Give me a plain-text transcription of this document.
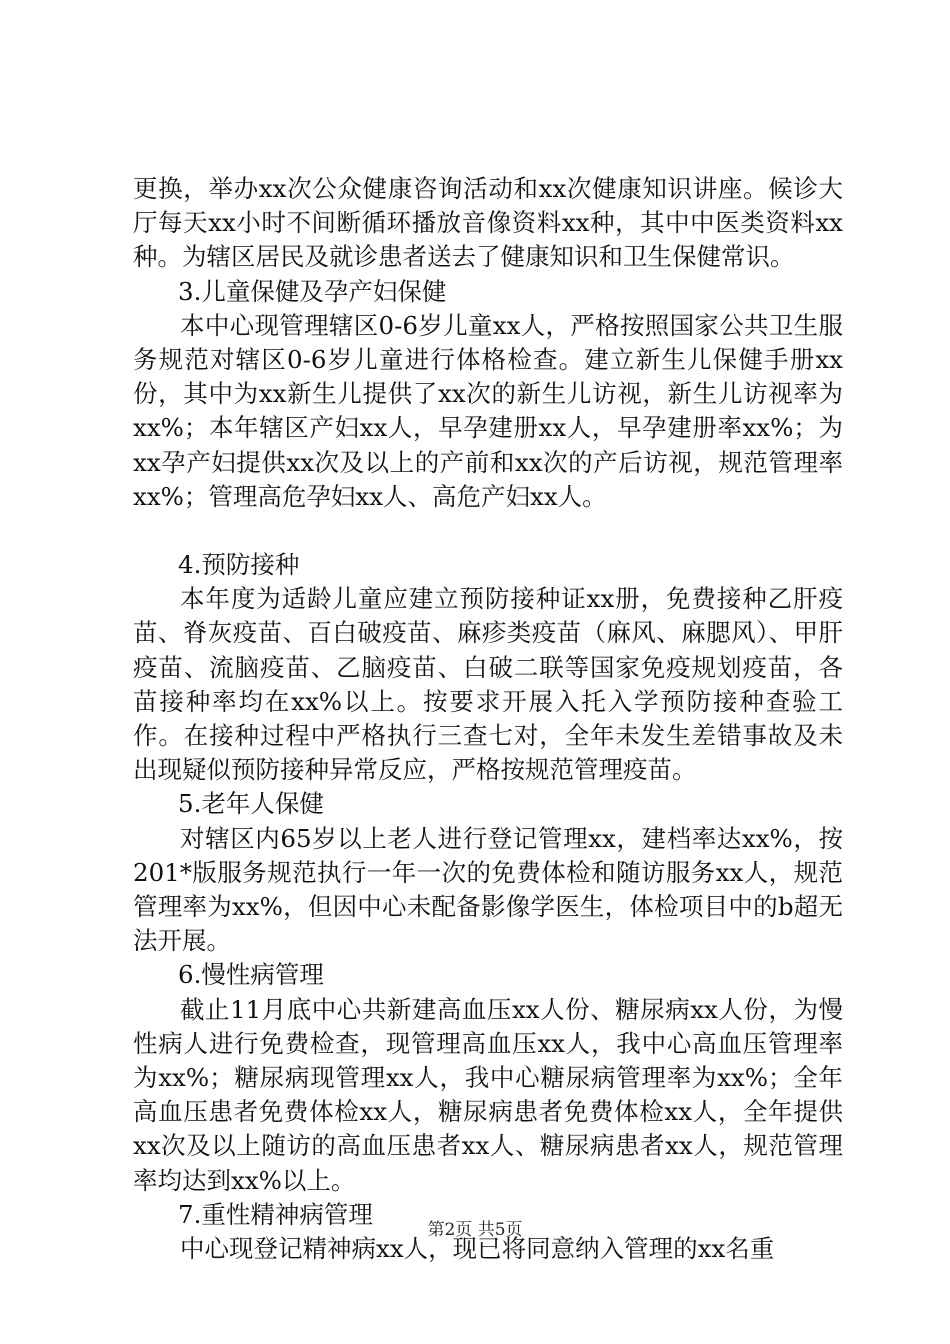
更换，举办xx次公众健康咨询活动和xx次健康知识讲座。候诊大厅每天xx小时不间断循环播放音像资料xx种，其中中医类资料xx种。为辖区居民及就诊患者送去了健康知识和卫生保健常识。

3.儿童保健及孕产妇保健

本中心现管理辖区0-6岁儿童xx人，严格按照国家公共卫生服务规范对辖区0-6岁儿童进行体格检查。建立新生儿保健手册xx份，其中为xx新生儿提供了xx次的新生儿访视，新生儿访视率为xx%；本年辖区产妇xx人，早孕建册xx人，早孕建册率xx%；为xx孕产妇提供xx次及以上的产前和xx次的产后访视，规范管理率xx%；管理高危孕妇xx人、高危产妇xx人。

4.预防接种

本年度为适龄儿童应建立预防接种证xx册，免费接种乙肝疫苗、脊灰疫苗、百白破疫苗、麻疹类疫苗（麻风、麻腮风）、甲肝疫苗、流脑疫苗、乙脑疫苗、白破二联等国家免疫规划疫苗，各苗接种率均在xx%以上。按要求开展入托入学预防接种查验工作。在接种过程中严格执行三查七对，全年未发生差错事故及未出现疑似预防接种异常反应，严格按规范管理疫苗。

5.老年人保健

对辖区内65岁以上老人进行登记管理xx，建档率达xx%，按201*版服务规范执行一年一次的免费体检和随访服务xx人，规范管理率为xx%，但因中心未配备影像学医生，体检项目中的b超无法开展。

6.慢性病管理

截止11月底中心共新建高血压xx人份、糖尿病xx人份，为慢性病人进行免费检查，现管理高血压xx人，我中心高血压管理率为xx%；糖尿病现管理xx人，我中心糖尿病管理率为xx%；全年高血压患者免费体检xx人，糖尿病患者免费体检xx人，全年提供xx次及以上随访的高血压患者xx人、糖尿病患者xx人，规范管理率均达到xx%以上。

7.重性精神病管理

中心现登记精神病xx人，现已将同意纳入管理的xx名重

第2页 共5页
